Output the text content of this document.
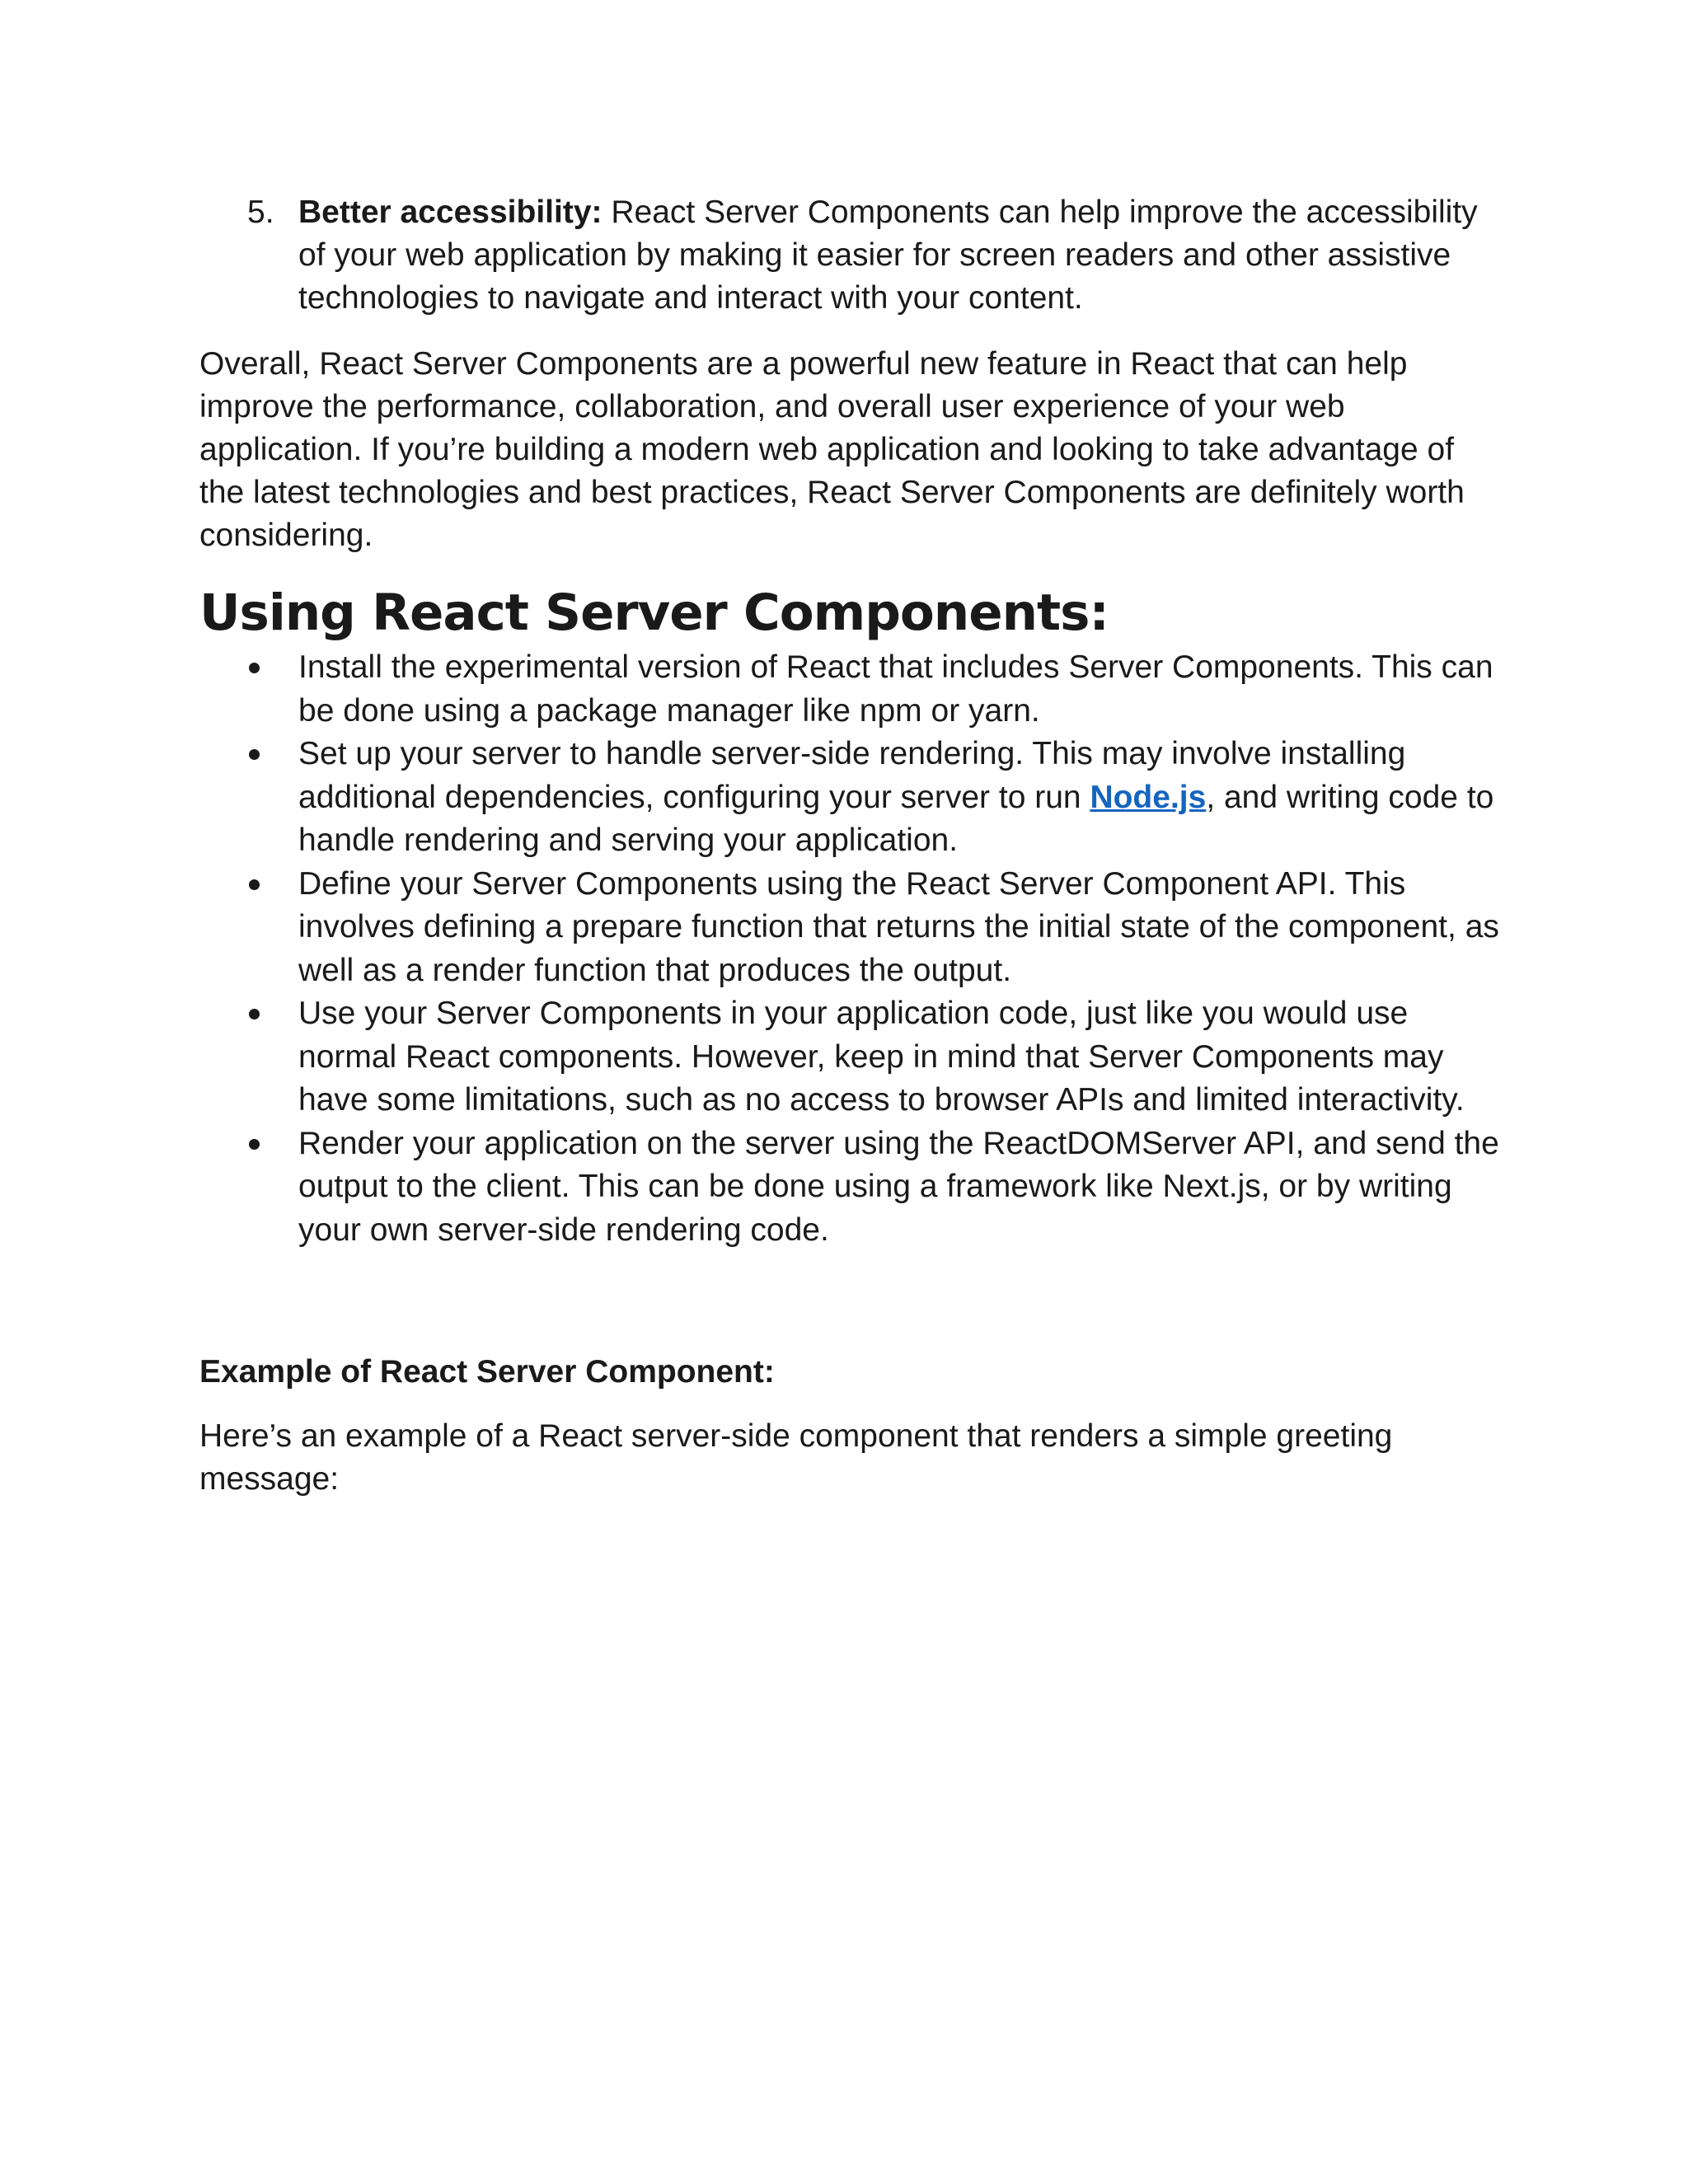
5. Better accessibility: React Server Components can help improve the accessibility of your web application by making it easier for screen readers and other assistive technologies to navigate and interact with your content.

Overall, React Server Components are a powerful new feature in React that can help improve the performance, collaboration, and overall user experience of your web application. If you’re building a modern web application and looking to take advantage of the latest technologies and best practices, React Server Components are definitely worth considering.

Using React Server Components:
Install the experimental version of React that includes Server Components. This can be done using a package manager like npm or yarn.
Set up your server to handle server-side rendering. This may involve installing additional dependencies, configuring your server to run Node.js, and writing code to handle rendering and serving your application.
Define your Server Components using the React Server Component API. This involves defining a prepare function that returns the initial state of the component, as well as a render function that produces the output.
Use your Server Components in your application code, just like you would use normal React components. However, keep in mind that Server Components may have some limitations, such as no access to browser APIs and limited interactivity.
Render your application on the server using the ReactDOMServer API, and send the output to the client. This can be done using a framework like Next.js, or by writing your own server-side rendering code.

Example of React Server Component:

Here’s an example of a React server-side component that renders a simple greeting message:
